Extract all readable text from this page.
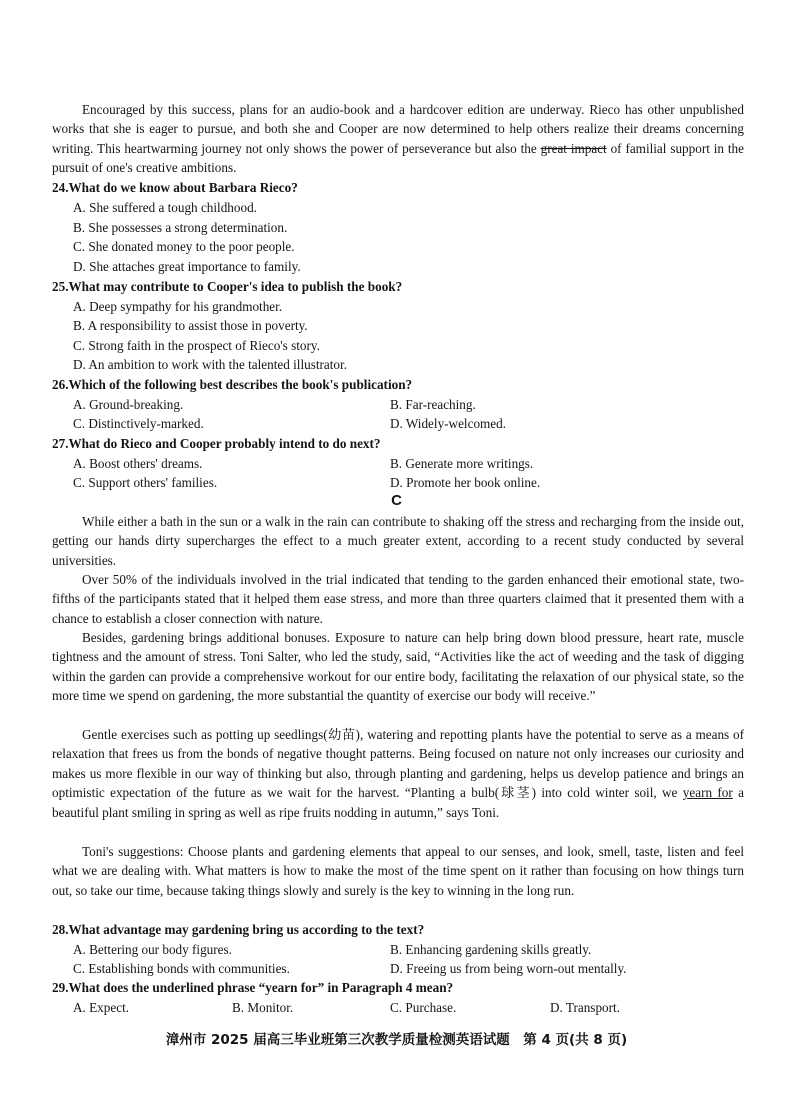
Encouraged by this success, plans for an audio-book and a hardcover edition are underway. Rieco has other unpublished works that she is eager to pursue, and both she and Cooper are now determined to help others realize their dreams concerning writing. This heartwarming journey not only shows the power of perseverance but also the great impact of familial support in the pursuit of one's creative ambitions.

24.What do we know about Barbara Rieco?
A. She suffered a tough childhood.
B. She possesses a strong determination.
C. She donated money to the poor people.
D. She attaches great importance to family.
25.What may contribute to Cooper's idea to publish the book?
A. Deep sympathy for his grandmother.
B. A responsibility to assist those in poverty.
C. Strong faith in the prospect of Rieco's story.
D. An ambition to work with the talented illustrator.
26.Which of the following best describes the book's publication?
A. Ground-breaking.	B. Far-reaching.
C. Distinctively-marked.	D. Widely-welcomed.
27.What do Rieco and Cooper probably intend to do next?
A. Boost others' dreams.	B. Generate more writings.
C. Support others' families.	D. Promote her book online.
C

While either a bath in the sun or a walk in the rain can contribute to shaking off the stress and recharging from the inside out, getting our hands dirty supercharges the effect to a much greater extent, according to a recent study conducted by several universities.

Over 50% of the individuals involved in the trial indicated that tending to the garden enhanced their emotional state, two-fifths of the participants stated that it helped them ease stress, and more than three quarters claimed that it presented them with a chance to establish a closer connection with nature.

Besides, gardening brings additional bonuses. Exposure to nature can help bring down blood pressure, heart rate, muscle tightness and the amount of stress. Toni Salter, who led the study, said, “Activities like the act of weeding and the task of digging within the garden can provide a comprehensive workout for our entire body, facilitating the relaxation of our physical state, so the more time we spend on gardening, the more substantial the quantity of exercise our body will receive.”

Gentle exercises such as potting up seedlings(幼苗), watering and repotting plants have the potential to serve as a means of relaxation that frees us from the bonds of negative thought patterns. Being focused on nature not only increases our curiosity and makes us more flexible in our way of thinking but also, through planting and gardening, helps us develop patience and brings an optimistic expectation of the future as we wait for the harvest. “Planting a bulb(球茎) into cold winter soil, we yearn for a beautiful plant smiling in spring as well as ripe fruits nodding in autumn,” says Toni.

Toni's suggestions: Choose plants and gardening elements that appeal to our senses, and look, smell, taste, listen and feel what we are dealing with. What matters is how to make the most of the time spent on it rather than focusing on how things turn out, so take our time, because taking things slowly and surely is the key to winning in the long run.

28.What advantage may gardening bring us according to the text?
A. Bettering our body figures.	B. Enhancing gardening skills greatly.
C. Establishing bonds with communities.	D. Freeing us from being worn-out mentally.
29.What does the underlined phrase “yearn for” in Paragraph 4 mean?
A. Expect.	B. Monitor.	C. Purchase.	D. Transport.
漳州市 2025 届高三毕业班第三次教学质量检测英语试题　第 4 页(共 8 页)
